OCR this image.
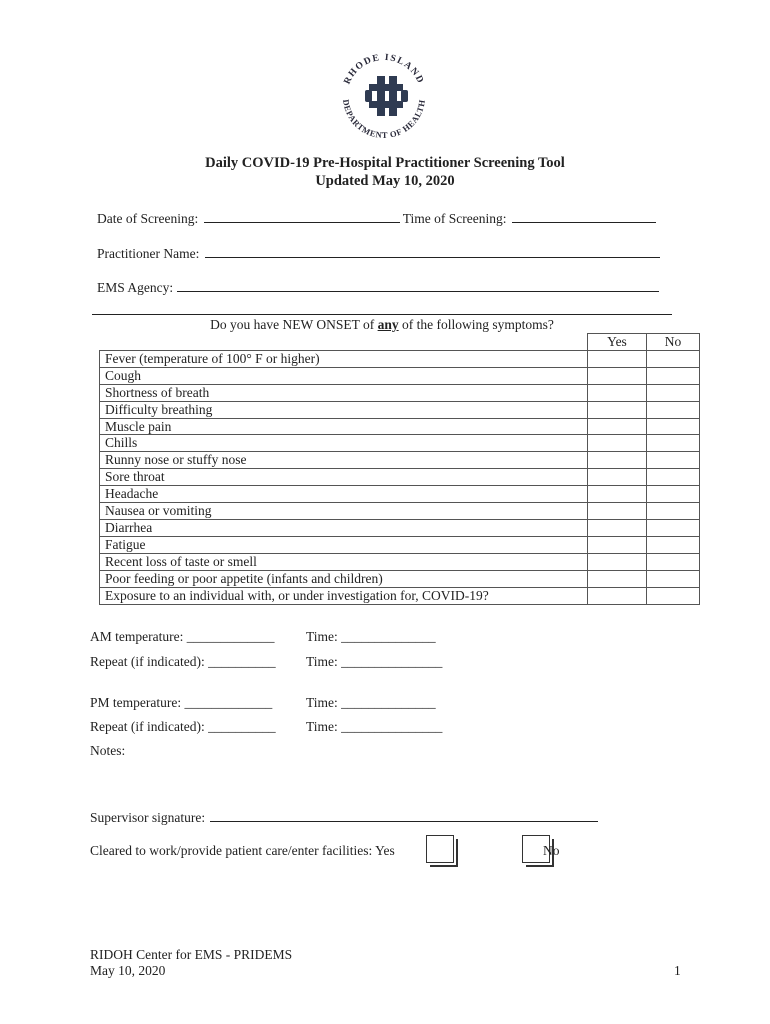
RHODE ISLAND
DEPARTMENT OF HEALTH
Daily COVID-19 Pre-Hospital Practitioner Screening Tool
Updated May 10, 2020
Date of Screening:	Time of Screening:
Practitioner Name:
EMS Agency:
Do you have NEW ONSET of any of the following symptoms?
	Yes	No
Fever (temperature of 100° F or higher)		
Cough		
Shortness of breath		
Difficulty breathing		
Muscle pain		
Chills		
Runny nose or stuffy nose		
Sore throat		
Headache		
Nausea or vomiting		
Diarrhea		
Fatigue		
Recent loss of taste or smell		
Poor feeding or poor appetite (infants and children)		
Exposure to an individual with, or under investigation for, COVID-19?		
AM temperature: _____________ Time: ______________
Repeat (if indicated): __________ Time: _______________
PM temperature: _____________	Time: ______________
Repeat (if indicated): __________ Time: _______________
Notes:
Supervisor signature:
Cleared to work/provide patient care/enter facilities: Yes	No
RIDOH Center for EMS - PRIDEMS
May 10, 2020	1
